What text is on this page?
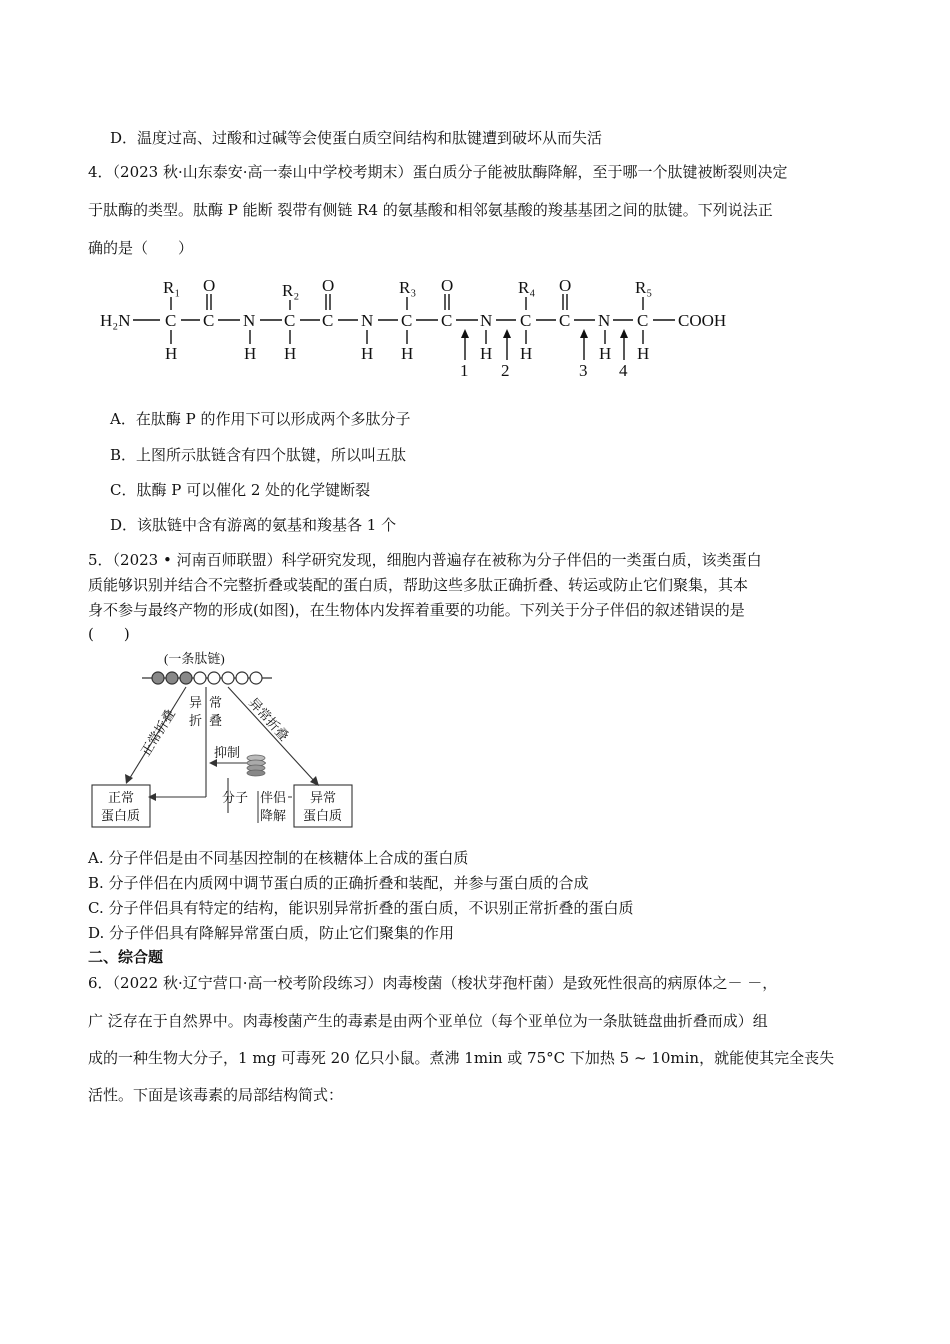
D．温度过高、过酸和过碱等会使蛋白质空间结构和肽键遭到破坏从而失活
4．（2023 秋·山东泰安·高一泰山中学校考期末）蛋白质分子能被肽酶降解，至于哪一个肽键被断裂则决定
于肽酶的类型。肽酶 P 能断 裂带有侧链 R4 的氨基酸和相邻氨基酸的羧基基团之间的肽键。下列说法正
确的是（　　）
H₂N C C N C C N C C N C C N C COOH
R₁	R₂	R₃	R₄	R₅
O	O	O	O
H	H H	H H	H H	H H
1 2	3 4
A．在肽酶 P 的作用下可以形成两个多肽分子
B．上图所示肽链含有四个肽键，所以叫五肽
C．肽酶 P 可以催化 2 处的化学键断裂
D．该肽链中含有游离的氨基和羧基各 1 个
5．（2023 • 河南百师联盟）科学研究发现，细胞内普遍存在被称为分子伴侣的一类蛋白质，该类蛋白
质能够识别并结合不完整折叠或装配的蛋白质，帮助这些多肽正确折叠、转运或防止它们聚集，其本
身不参与最终产物的形成(如图)，在生物体内发挥着重要的功能。下列关于分子伴侣的叙述错误的是
(　　)
(一条肽链)
正常折叠
异
折
常
叠 异常折叠
抑制
正常
蛋白质
异常
蛋白质
分子 伴侣
降解
A. 分子伴侣是由不同基因控制的在核糖体上合成的蛋白质
B. 分子伴侣在内质网中调节蛋白质的正确折叠和装配，并参与蛋白质的合成
C. 分子伴侣具有特定的结构，能识别异常折叠的蛋白质，不识别正常折叠的蛋白质
D. 分子伴侣具有降解异常蛋白质，防止它们聚集的作用
二、综合题
6．（2022 秋·辽宁营口·高一校考阶段练习）肉毒梭菌（梭状芽孢杆菌）是致死性很高的病原体之－ －，
广 泛存在于自然界中。肉毒梭菌产生的毒素是由两个亚单位（每个亚单位为一条肽链盘曲折叠而成）组
成的一种生物大分子，1 mg 可毒死 20 亿只小鼠。煮沸 1min 或 75°C 下加热 5 ~ 10min，就能使其完全丧失
活性。下面是该毒素的局部结构简式：
